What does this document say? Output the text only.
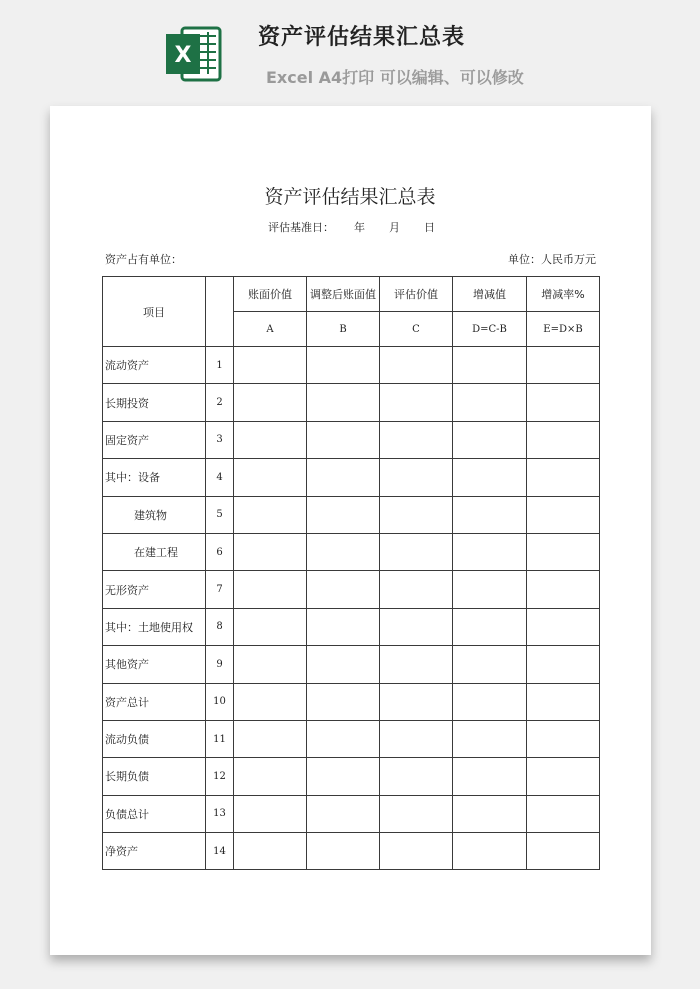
X
资产评估结果汇总表
Excel A4打印 可以编辑、可以修改
资产评估结果汇总表
评估基准日： 年 月 日
资产占有单位：	单位：人民币万元
项目		账面价值	调整后账面值	评估价值	增减值	增减率%
		A	B	C	D=C-B	E=D×B
流动资产	1					
长期投资	2					
固定资产	3					
其中：设备	4					
建筑物	5					
在建工程	6					
无形资产	7					
其中：土地使用权	8					
其他资产	9					
资产总计	10					
流动负债	11					
长期负债	12					
负债总计	13					
净资产	14					
